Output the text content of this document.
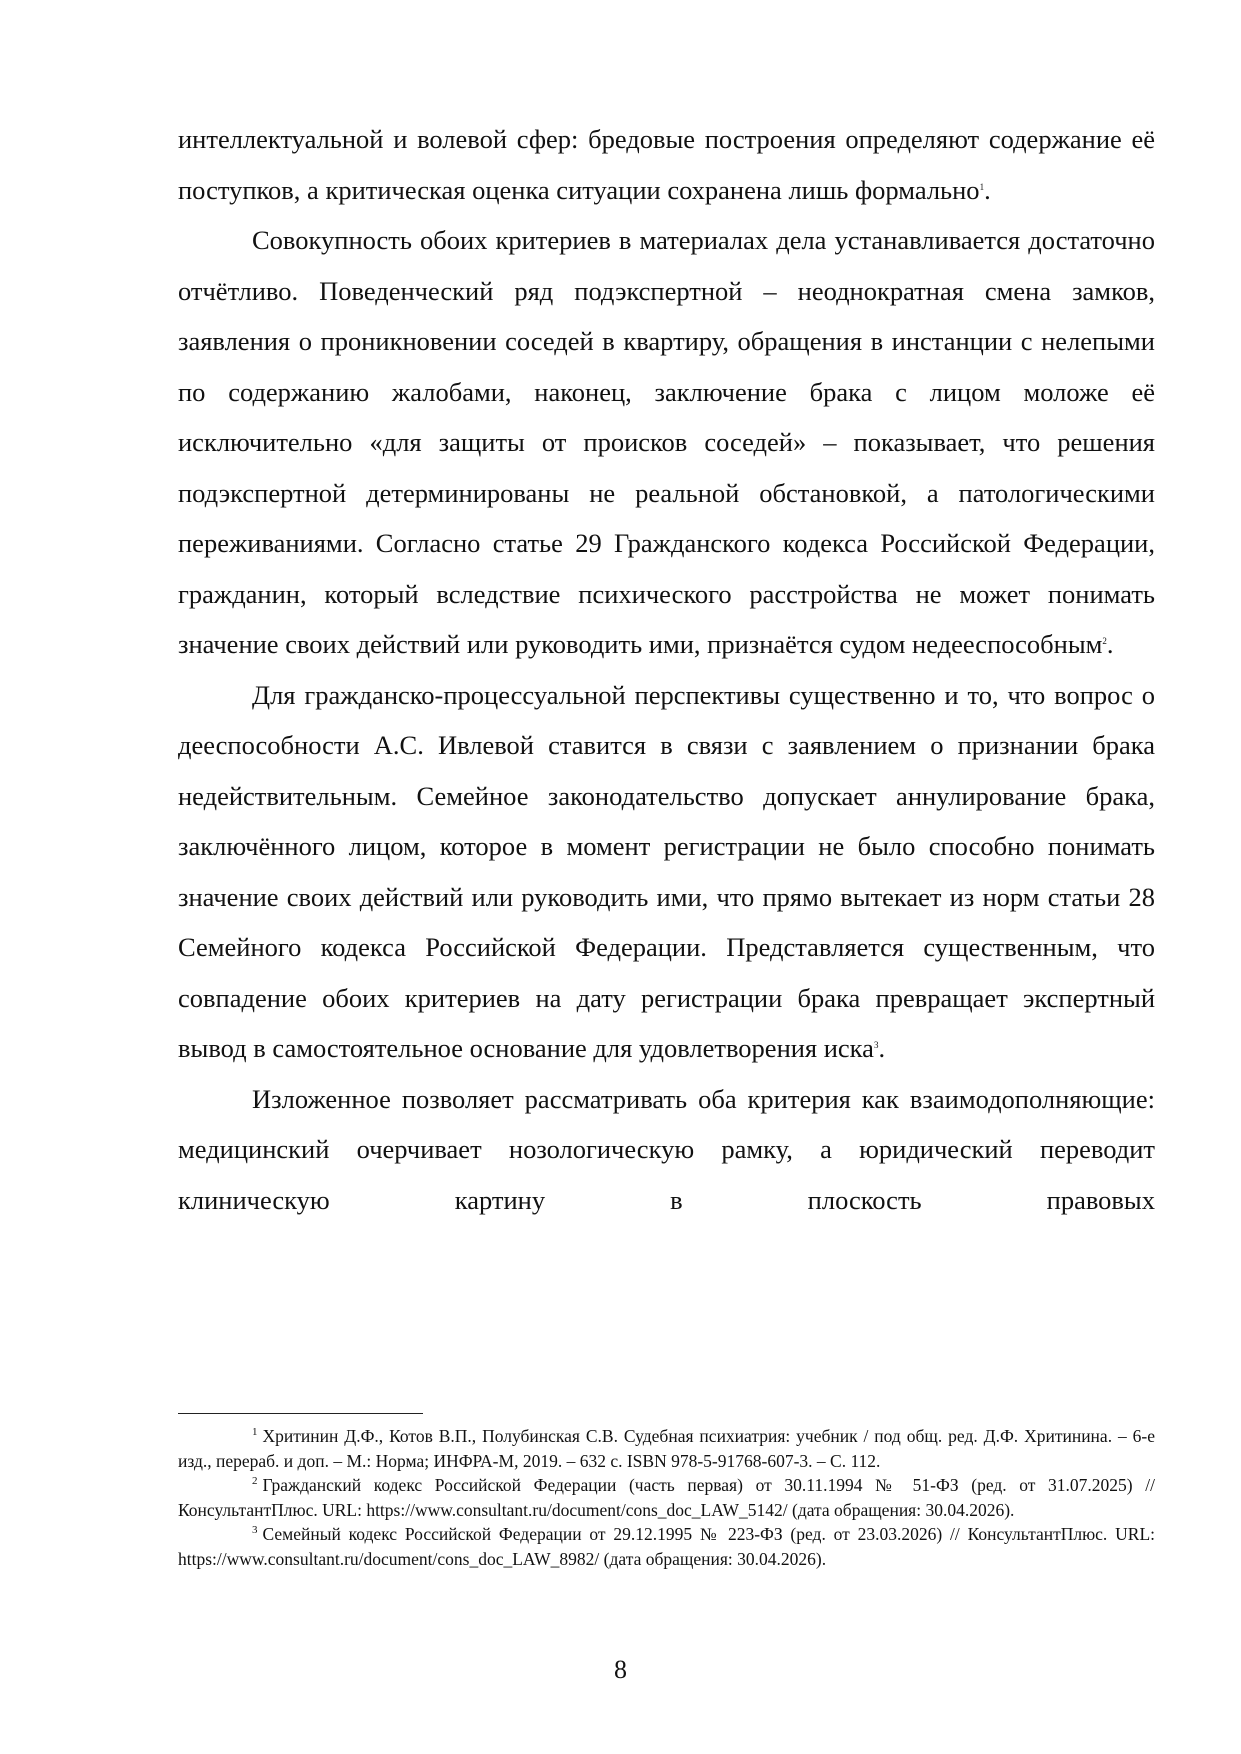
интеллектуальной и волевой сфер: бредовые построения определяют содержание её поступков, а критическая оценка ситуации сохранена лишь формально$^1$.

Совокупность обоих критериев в материалах дела устанавливается достаточно отчётливо. Поведенческий ряд подэкспертной – неоднократная смена замков, заявления о проникновении соседей в квартиру, обращения в инстанции с нелепыми по содержанию жалобами, наконец, заключение брака с лицом моложе её исключительно «для защиты от происков соседей» – показывает, что решения подэкспертной детерминированы не реальной обстановкой, а патологическими переживаниями. Согласно статье 29 Гражданского кодекса Российской Федерации, гражданин, который вследствие психического расстройства не может понимать значение своих действий или руководить ими, признаётся судом недееспособным$^2$.

Для гражданско-процессуальной перспективы существенно и то, что вопрос о дееспособности А.С. Ивлевой ставится в связи с заявлением о признании брака недействительным. Семейное законодательство допускает аннулирование брака, заключённого лицом, которое в момент регистрации не было способно понимать значение своих действий или руководить ими, что прямо вытекает из норм статьи 28 Семейного кодекса Российской Федерации. Представляется существенным, что совпадение обоих критериев на дату регистрации брака превращает экспертный вывод в самостоятельное основание для удовлетворения иска$^3$.

Изложенное позволяет рассматривать оба критерия как взаимодополняющие: медицинский очерчивает нозологическую рамку, а юридический переводит клиническую картину в плоскость правовых

$^1$ Хритинин Д.Ф., Котов В.П., Полубинская С.В. Судебная психиатрия: учебник / под общ. ред. Д.Ф. Хритинина. – 6-е изд., перераб. и доп. – М.: Норма; ИНФРА-М, 2019. – 632 с. ISBN 978-5-91768-607-3. – С. 112.

$^2$ Гражданский кодекс Российской Федерации (часть первая) от 30.11.1994 № 51-ФЗ (ред. от 31.07.2025) // КонсультантПлюс. URL: https://www.consultant.ru/document/cons_doc_LAW_5142/ (дата обращения: 30.04.2026).

$^3$ Семейный кодекс Российской Федерации от 29.12.1995 № 223-ФЗ (ред. от 23.03.2026) // КонсультантПлюс. URL: https://www.consultant.ru/document/cons_doc_LAW_8982/ (дата обращения: 30.04.2026).

8
